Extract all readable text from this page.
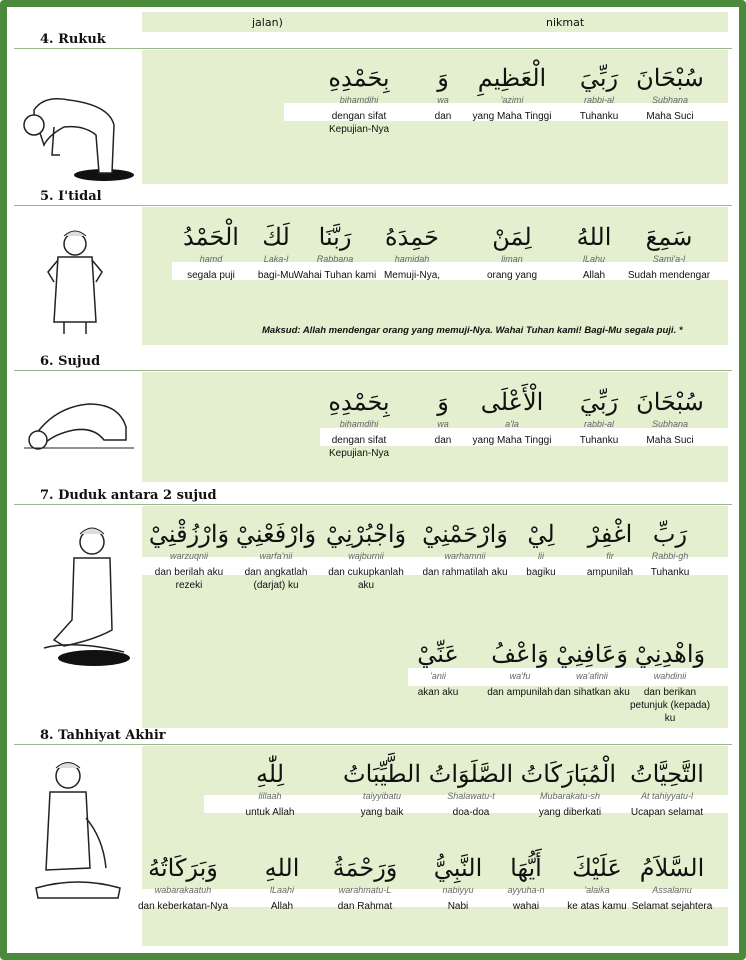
jalan)	nikmat
4. Rukuk
سُبْحَانَ
Subhana
Maha Suci
رَبِّيَ
rabbi-al
Tuhanku
الْعَظِيمِ
'azimi
yang Maha Tinggi
وَ
wa
dan
بِحَمْدِهِ
bihamdihi
dengan sifat Kepujian-Nya
5. I'tidal
سَمِعَ
Sami'a-l
Sudah mendengar
اللهُ
lLahu
Allah
لِمَنْ
liman
orang yang
حَمِدَهُ
hamidah
Memuji-Nya,
رَبَّنَا
Rabbana
Wahai Tuhan kami
لَكَ
Laka-l
bagi-Mu
الْحَمْدُ
hamd
segala puji
Maksud: Allah mendengar orang yang memuji-Nya. Wahai Tuhan kami! Bagi-Mu segala puji. *
6. Sujud
سُبْحَانَ
Subhana
Maha Suci
رَبِّيَ
rabbi-al
Tuhanku
الْأَعْلَى
a'la
yang Maha Tinggi
وَ
wa
dan
بِحَمْدِهِ
bihamdihi
dengan sifat Kepujian-Nya
7. Duduk antara 2 sujud
رَبِّ
Rabbi-gh
Tuhanku
اغْفِرْ
fir
ampunilah
لِيْ
lii
bagiku
وَارْحَمْنِيْ
warhamnii
dan rahmatilah aku
وَاجْبُرْنِيْ
wajburnii
dan cukupkanlah aku
وَارْفَعْنِيْ
warfa'nii
dan angkatlah (darjat) ku
وَارْزُقْنِيْ
warzuqnii
dan berilah aku rezeki
وَاهْدِنِيْ
wahdinii
dan berikan petunjuk (kepada) ku
وَعَافِنِيْ
wa'afinii
dan sihatkan aku
وَاعْفُ
wa'fu
dan ampunilah
عَنِّيْ
'anii
akan aku
8. Tahhiyat Akhir
التَّحِيَّاتُ
At tahiyyatu-l
Ucapan selamat
الْمُبَارَكَاتُ
Mubarakatu-sh
yang diberkati
الصَّلَوَاتُ
Shalawatu-t
doa-doa
الطَّيِّبَاتُ
taiyyibatu
yang baik
لِلّٰهِ
lillaah
untuk Allah
السَّلاَمُ
Assalamu
Selamat sejahtera
عَلَيْكَ
'alaika
ke atas kamu
أَيُّهَا
ayyuha-n
wahai
النَّبِيُّ
nabiyyu
Nabi
وَرَحْمَةُ
warahmatu-L
dan Rahmat
اللهِ
lLaahi
Allah
وَبَرَكَاتُهُ
wabarakaatuh
dan keberkatan-Nya
